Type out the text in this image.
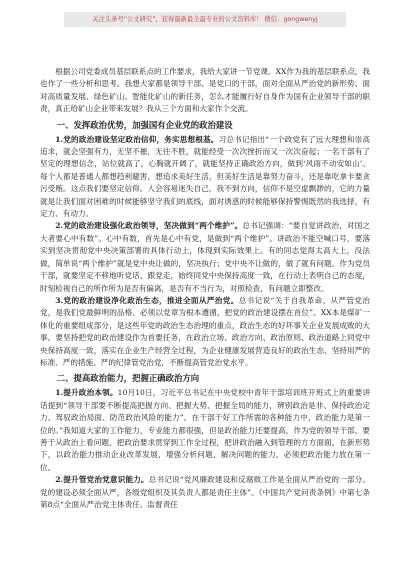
关注头条号“公文研究”，获得最新最全最专业的公文资料库！ 微信：gongwenyj

根据公司党委成员基层联系点的工作要求，我给大家讲一节党课。XX作为我的基层联系点，我也作了一些分析和思考。我想大家都是领导干部、是党口的干部，面对全面从严治党的新形势、面对高质量发展、绿色矿山、智能化矿山的新任务，怎么才能履行好自身作为国有企业领导干部的职责，真正给矿山企业带来发展？我从三个方面和大家作个交流。

一、发挥政治优势，加强国有企业党的政治建设

1.党的政治建设坚定政治信仰，务实思想根基。习总书记指出“一个政党有了远大理想和崇高追求，就会坚强有力，无坚不摧，无往不胜，就能经受一次次挫折而又一次次奋起；一名干部有了坚定的理想信念，站位就高了，心胸就开阔了，就能坚持正确政治方向，做到‘风雨不动安如山’。每个人都是普通人都想趋利避害，想追求美好生活，但美好生活是靠努力奋斗，还是靠吃拿卡要贪污受贿。这点我们要坚定信仰。人会容易迷失自己，我不到方向，信仰不是空虚飘渺的，它的力量就是让我们面对困难的时候能够坚守我们的底线，面对诱惑的时候能够保持警惕既然的我选择，有定力、有动力。

2.党的政治建设强化政治领导，坚决做到“两个维护”。总书记强调：“要自觉讲政治，对国之大者要心中有数”。心中有数，首先是心中有党，是做到“两个维护”。讲政治不能空喊口号，要落实到坚决贯彻党中央决策部署的具体行动上，体现到实际效果上。有的同志觉得太高大上，没法做，简单说“两个维护”就是党中央让做的，坚决执行；党中央不让做的，做了就有问题。作为党员干部，就要坚定不移地听党话、跟党走，始终同党中央保持高度一致，在行动上表明自己的态度，时刻检视自己的所作所为是否有偏离，是否有不当行为，对照检查，有问题立即整改。

3.党的政治建设净化政治生态，推进全面从严治党。总书记说“关于自我革命、从严管党治党，是我们党最鲜明的品格、必须以党章为根本遵循，把党的政治建设摆在首位”。XX本是煤矿一体化的重要组成部分，是这些年党的政治生态治理的重点，政治生态的好坏事关企业发展成败的大事。要坚持把党的政治建设作为首要任务，在政治立场、政治方向、政治原则、政治道路上同党中央保持高度一致，落实在企业生产经营全过程，为企业健康发展营造良好的政治生态，坚持用严的标准、严的措施、严的纪律管党治党，不断提高管党治党水平。

二、提高政治能力，把握正确政治方向

1.提升政治本领。10月10日，习近平总书记在中央党校中青年干部培训班开班式上的重要讲话提到“领导干部要不断提高把握方向、把握大势、把握全局的能力，辨别政治是非、保持政治定力、驾驭政治局面、防范政治风险的能力”。在干部干好工作所需的各种能力中，政治能力是第一位的。”我知道大家的工作能力，专业能力都很强，但是政治能力还要提高，作为党的领导干部，要善于从政治上看问题，把政治要求贯穿到工作全过程，把讲政治融入到管理的方方面面，在新形势下，以政治能力推动企业改革发展，增强分析问题、解决问题的能力，必须把政治能力放在第一位。

2.提升管党治党意识能力。总书记说“党风廉政建设和反腐败工作是全面从严治党的一部分。党的建设必须全面从严，各级党组织及其负责人都是责任主体”。《中国共产党问责条例》中第七条第8点“全面从严治党主体责任、监督责任
